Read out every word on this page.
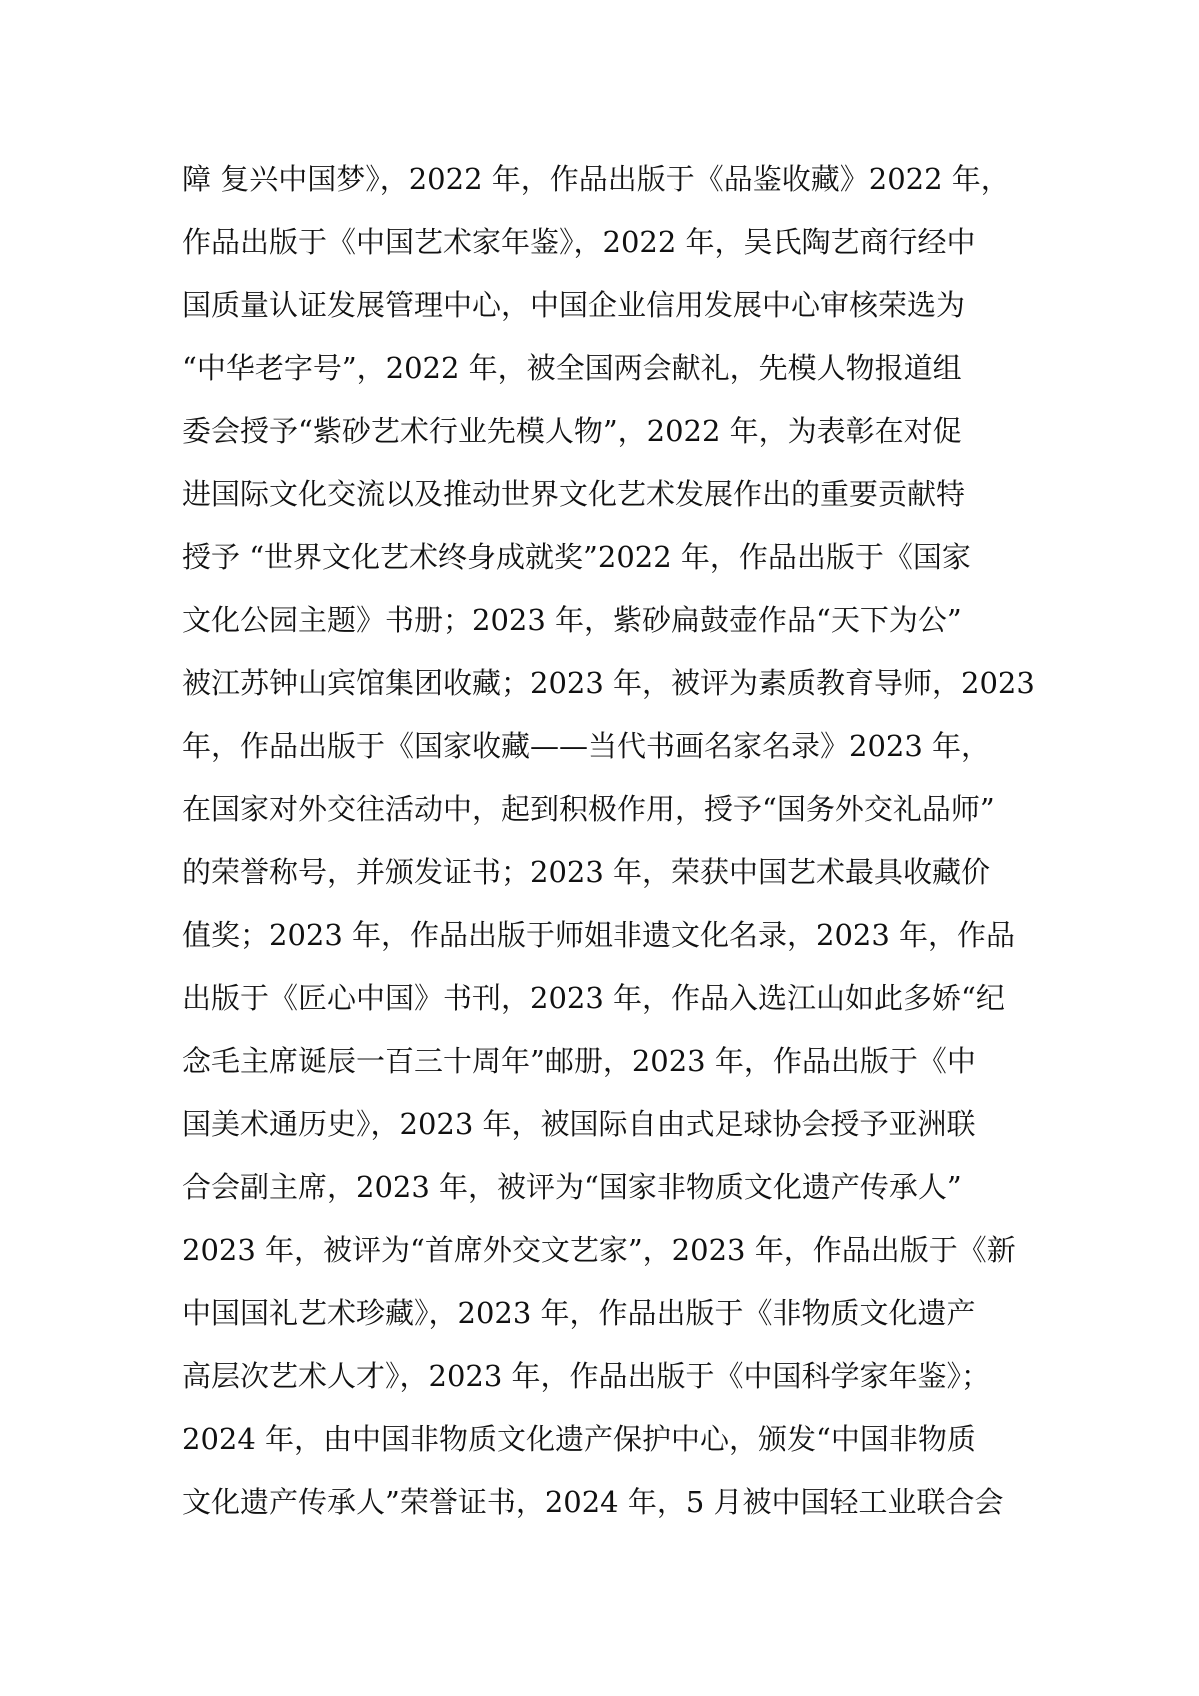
障 复兴中国梦》，2022 年，作品出版于《品鉴收藏》2022 年，
作品出版于《中国艺术家年鉴》，2022 年，吴氏陶艺商行经中
国质量认证发展管理中心，中国企业信用发展中心审核荣选为
“中华老字号”，2022 年，被全国两会献礼，先模人物报道组
委会授予“紫砂艺术行业先模人物”，2022 年，为表彰在对促
进国际文化交流以及推动世界文化艺术发展作出的重要贡献特
授予 “世界文化艺术终身成就奖”2022 年，作品出版于《国家
文化公园主题》书册；2023 年，紫砂扁鼓壶作品“天下为公”
被江苏钟山宾馆集团收藏；2023 年，被评为素质教育导师，2023
年，作品出版于《国家收藏——当代书画名家名录》2023 年，
在国家对外交往活动中，起到积极作用，授予“国务外交礼品师”
的荣誉称号，并颁发证书；2023 年，荣获中国艺术最具收藏价
值奖；2023 年，作品出版于师姐非遗文化名录，2023 年，作品
出版于《匠心中国》书刊，2023 年，作品入选江山如此多娇“纪
念毛主席诞辰一百三十周年”邮册，2023 年，作品出版于《中
国美术通历史》，2023 年，被国际自由式足球协会授予亚洲联
合会副主席，2023 年，被评为“国家非物质文化遗产传承人”
2023 年，被评为“首席外交文艺家”，2023 年，作品出版于《新
中国国礼艺术珍藏》，2023 年，作品出版于《非物质文化遗产
高层次艺术人才》，2023 年，作品出版于《中国科学家年鉴》；
2024 年，由中国非物质文化遗产保护中心，颁发“中国非物质
文化遗产传承人”荣誉证书，2024 年，5 月被中国轻工业联合会
